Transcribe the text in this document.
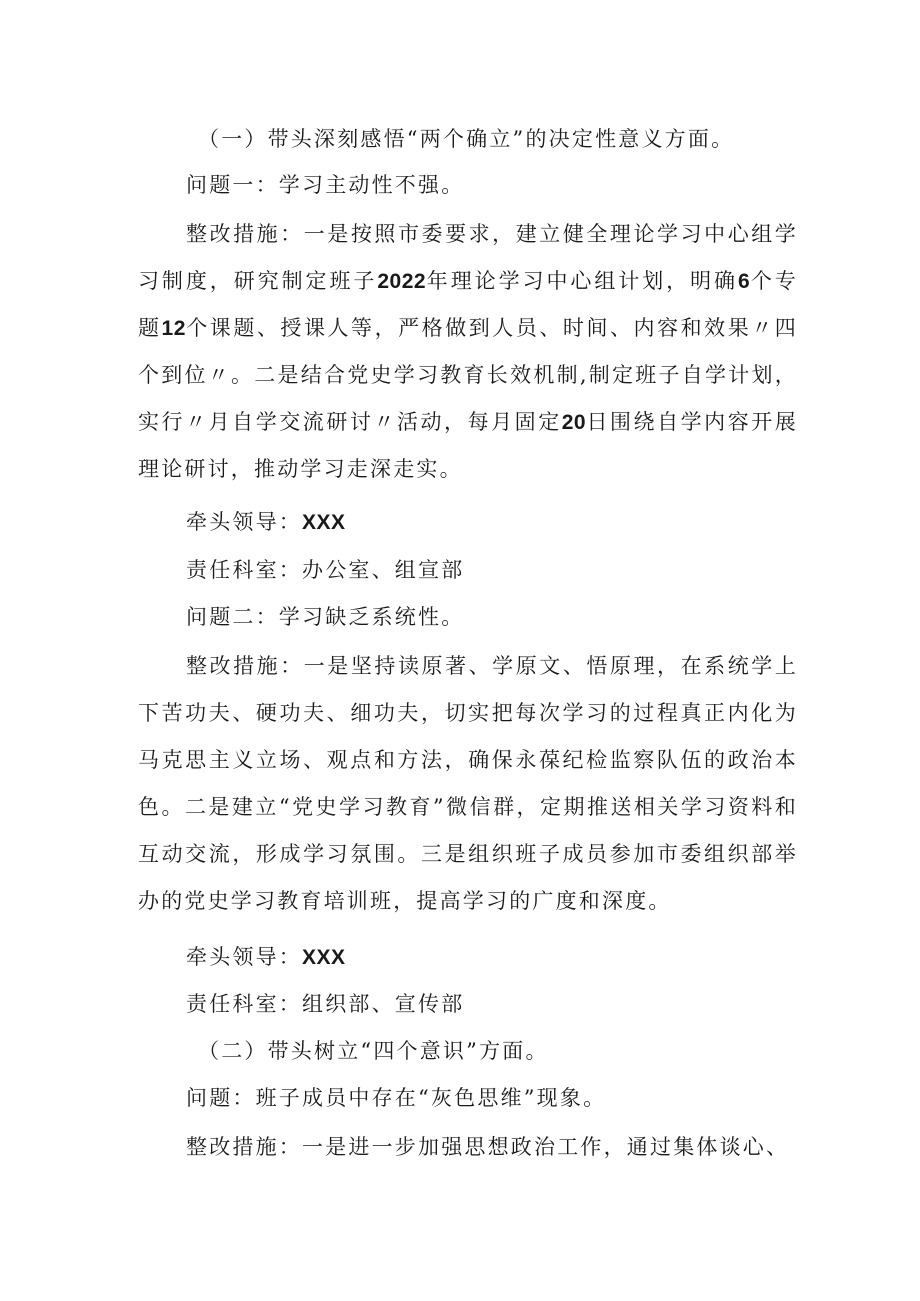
（一）带头深刻感悟“两个确立”的决定性意义方面。

问题一：学习主动性不强。

整改措施：一是按照市委要求，建立健全理论学习中心组学习制度，研究制定班子2022年理论学习中心组计划，明确6个专题12个课题、授课人等，严格做到人员、时间、内容和效果〃四个到位〃。二是结合党史学习教育长效机制,制定班子自学计划，实行〃月自学交流研讨〃活动，每月固定20日围绕自学内容开展理论研讨，推动学习走深走实。

牵头领导：XXX

责任科室：办公室、组宣部

问题二：学习缺乏系统性。

整改措施：一是坚持读原著、学原文、悟原理，在系统学上下苦功夫、硬功夫、细功夫，切实把每次学习的过程真正内化为马克思主义立场、观点和方法，确保永葆纪检监察队伍的政治本色。二是建立“党史学习教育”微信群，定期推送相关学习资料和互动交流，形成学习氛围。三是组织班子成员参加市委组织部举办的党史学习教育培训班，提高学习的广度和深度。

牵头领导：XXX

责任科室：组织部、宣传部

（二）带头树立“四个意识”方面。

问题：班子成员中存在“灰色思维”现象。

整改措施：一是进一步加强思想政治工作，通过集体谈心、
